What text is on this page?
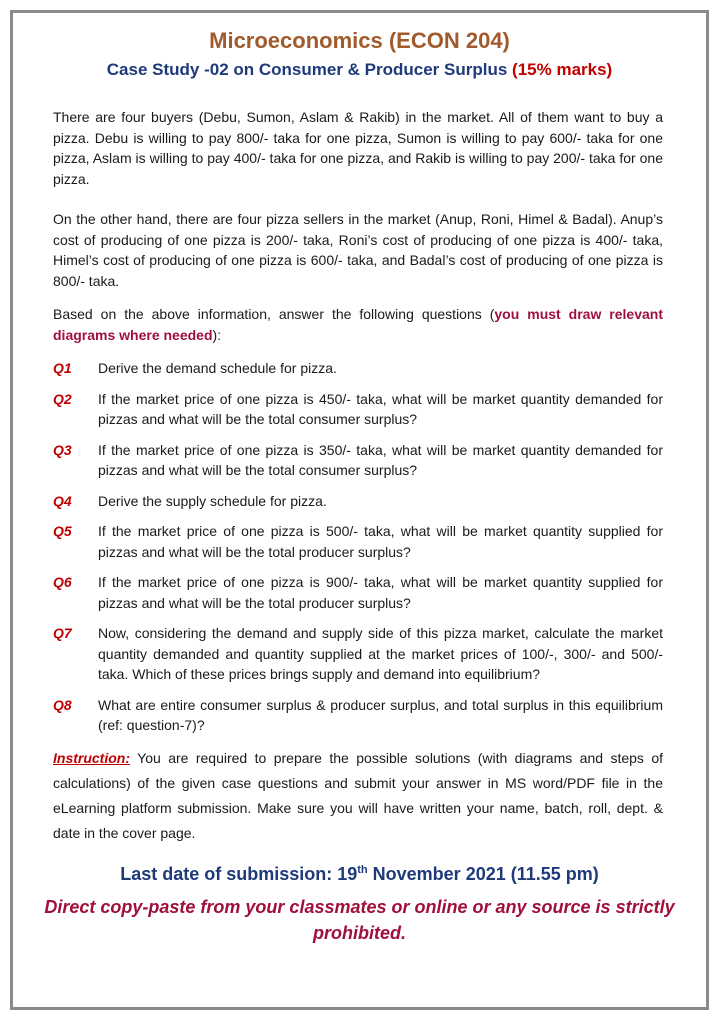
Microeconomics (ECON 204)
Case Study -02 on Consumer & Producer Surplus (15% marks)

There are four buyers (Debu, Sumon, Aslam & Rakib) in the market. All of them want to buy a pizza. Debu is willing to pay 800/- taka for one pizza, Sumon is willing to pay 600/- taka for one pizza, Aslam is willing to pay 400/- taka for one pizza, and Rakib is willing to pay 200/- taka for one pizza.

On the other hand, there are four pizza sellers in the market (Anup, Roni, Himel & Badal). Anup’s cost of producing of one pizza is 200/- taka, Roni’s cost of producing of one pizza is 400/- taka, Himel’s cost of producing of one pizza is 600/- taka, and Badal’s cost of producing of one pizza is 800/- taka.

Based on the above information, answer the following questions (you must draw relevant diagrams where needed):

Q1	Derive the demand schedule for pizza.
Q2	If the market price of one pizza is 450/- taka, what will be market quantity demanded for pizzas and what will be the total consumer surplus?
Q3	If the market price of one pizza is 350/- taka, what will be market quantity demanded for pizzas and what will be the total consumer surplus?
Q4	Derive the supply schedule for pizza.
Q5	If the market price of one pizza is 500/- taka, what will be market quantity supplied for pizzas and what will be the total producer surplus?
Q6	If the market price of one pizza is 900/- taka, what will be market quantity supplied for pizzas and what will be the total producer surplus?
Q7	Now, considering the demand and supply side of this pizza market, calculate the market quantity demanded and quantity supplied at the market prices of 100/-, 300/- and 500/- taka. Which of these prices brings supply and demand into equilibrium?
Q8	What are entire consumer surplus & producer surplus, and total surplus in this equilibrium (ref: question-7)?
Instruction: You are required to prepare the possible solutions (with diagrams and steps of calculations) of the given case questions and submit your answer in MS word/PDF file in the eLearning platform submission. Make sure you will have written your name, batch, roll, dept. & date in the cover page.
Last date of submission: 19th November 2021 (11.55 pm)
Direct copy-paste from your classmates or online or any source is strictly prohibited.
